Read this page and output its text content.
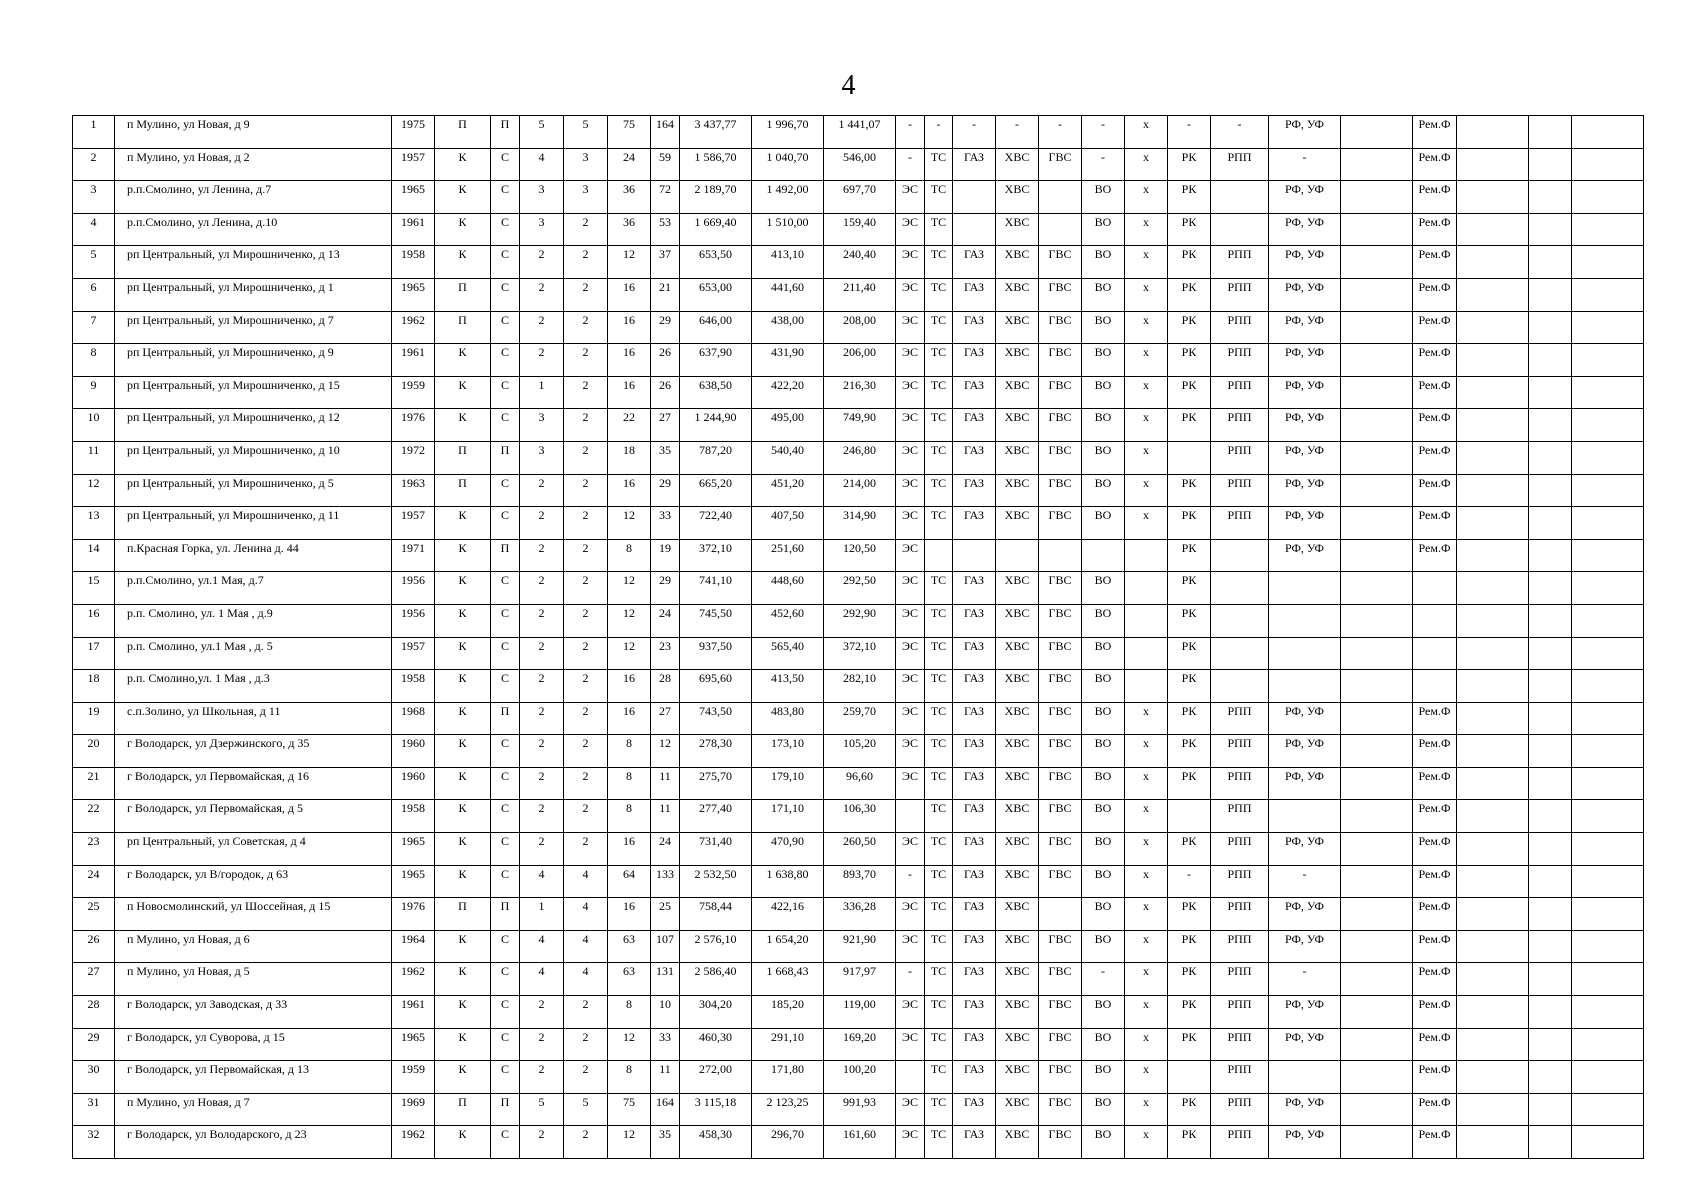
4
1	п Мулино, ул Новая, д 9	1975	П	П	5	5	75	164	3 437,77	1 996,70	1 441,07	-	-	-	-	-	-	х	-	-	РФ, УФ		Рем.Ф			
2	п Мулино, ул Новая, д 2	1957	К	С	4	3	24	59	1 586,70	1 040,70	546,00	-	ТС	ГАЗ	ХВС	ГВС	-	х	РК	РПП	-		Рем.Ф			
3	р.п.Смолино, ул Ленина, д.7	1965	К	С	3	3	36	72	2 189,70	1 492,00	697,70	ЭС	ТС		ХВС		ВО	х	РК		РФ, УФ		Рем.Ф			
4	р.п.Смолино, ул Ленина, д.10	1961	К	С	3	2	36	53	1 669,40	1 510,00	159,40	ЭС	ТС		ХВС		ВО	х	РК		РФ, УФ		Рем.Ф			
5	рп Центральный, ул Мирошниченко, д 13	1958	К	С	2	2	12	37	653,50	413,10	240,40	ЭС	ТС	ГАЗ	ХВС	ГВС	ВО	х	РК	РПП	РФ, УФ		Рем.Ф			
6	рп Центральный, ул Мирошниченко, д 1	1965	П	С	2	2	16	21	653,00	441,60	211,40	ЭС	ТС	ГАЗ	ХВС	ГВС	ВО	х	РК	РПП	РФ, УФ		Рем.Ф			
7	рп Центральный, ул Мирошниченко, д 7	1962	П	С	2	2	16	29	646,00	438,00	208,00	ЭС	ТС	ГАЗ	ХВС	ГВС	ВО	х	РК	РПП	РФ, УФ		Рем.Ф			
8	рп Центральный, ул Мирошниченко, д 9	1961	К	С	2	2	16	26	637,90	431,90	206,00	ЭС	ТС	ГАЗ	ХВС	ГВС	ВО	х	РК	РПП	РФ, УФ		Рем.Ф			
9	рп Центральный, ул Мирошниченко, д 15	1959	К	С	1	2	16	26	638,50	422,20	216,30	ЭС	ТС	ГАЗ	ХВС	ГВС	ВО	х	РК	РПП	РФ, УФ		Рем.Ф			
10	рп Центральный, ул Мирошниченко, д 12	1976	К	С	3	2	22	27	1 244,90	495,00	749,90	ЭС	ТС	ГАЗ	ХВС	ГВС	ВО	х	РК	РПП	РФ, УФ		Рем.Ф			
11	рп Центральный, ул Мирошниченко, д 10	1972	П	П	3	2	18	35	787,20	540,40	246,80	ЭС	ТС	ГАЗ	ХВС	ГВС	ВО	х		РПП	РФ, УФ		Рем.Ф			
12	рп Центральный, ул Мирошниченко, д 5	1963	П	С	2	2	16	29	665,20	451,20	214,00	ЭС	ТС	ГАЗ	ХВС	ГВС	ВО	х	РК	РПП	РФ, УФ		Рем.Ф			
13	рп Центральный, ул Мирошниченко, д 11	1957	К	С	2	2	12	33	722,40	407,50	314,90	ЭС	ТС	ГАЗ	ХВС	ГВС	ВО	х	РК	РПП	РФ, УФ		Рем.Ф			
14	п.Красная Горка, ул. Ленина д. 44	1971	К	П	2	2	8	19	372,10	251,60	120,50	ЭС							РК		РФ, УФ		Рем.Ф			
15	р.п.Смолино, ул.1 Мая, д.7	1956	К	С	2	2	12	29	741,10	448,60	292,50	ЭС	ТС	ГАЗ	ХВС	ГВС	ВО		РК							
16	р.п. Смолино, ул. 1 Мая , д.9	1956	К	С	2	2	12	24	745,50	452,60	292,90	ЭС	ТС	ГАЗ	ХВС	ГВС	ВО		РК							
17	р.п. Смолино, ул.1 Мая , д. 5	1957	К	С	2	2	12	23	937,50	565,40	372,10	ЭС	ТС	ГАЗ	ХВС	ГВС	ВО		РК							
18	р.п. Смолино,ул. 1 Мая , д.3	1958	К	С	2	2	16	28	695,60	413,50	282,10	ЭС	ТС	ГАЗ	ХВС	ГВС	ВО		РК							
19	с.п.Золино, ул Школьная, д 11	1968	К	П	2	2	16	27	743,50	483,80	259,70	ЭС	ТС	ГАЗ	ХВС	ГВС	ВО	х	РК	РПП	РФ, УФ		Рем.Ф			
20	г Володарск, ул Дзержинского, д 35	1960	К	С	2	2	8	12	278,30	173,10	105,20	ЭС	ТС	ГАЗ	ХВС	ГВС	ВО	х	РК	РПП	РФ, УФ		Рем.Ф			
21	г Володарск, ул Первомайская, д 16	1960	К	С	2	2	8	11	275,70	179,10	96,60	ЭС	ТС	ГАЗ	ХВС	ГВС	ВО	х	РК	РПП	РФ, УФ		Рем.Ф			
22	г Володарск, ул Первомайская, д 5	1958	К	С	2	2	8	11	277,40	171,10	106,30		ТС	ГАЗ	ХВС	ГВС	ВО	х		РПП			Рем.Ф			
23	рп Центральный, ул Советская, д 4	1965	К	С	2	2	16	24	731,40	470,90	260,50	ЭС	ТС	ГАЗ	ХВС	ГВС	ВО	х	РК	РПП	РФ, УФ		Рем.Ф			
24	г Володарск, ул В/городок, д 63	1965	К	С	4	4	64	133	2 532,50	1 638,80	893,70	-	ТС	ГАЗ	ХВС	ГВС	ВО	х	-	РПП	-		Рем.Ф			
25	п Новосмолинский, ул Шоссейная, д 15	1976	П	П	1	4	16	25	758,44	422,16	336,28	ЭС	ТС	ГАЗ	ХВС		ВО	х	РК	РПП	РФ, УФ		Рем.Ф			
26	п Мулино, ул Новая, д 6	1964	К	С	4	4	63	107	2 576,10	1 654,20	921,90	ЭС	ТС	ГАЗ	ХВС	ГВС	ВО	х	РК	РПП	РФ, УФ		Рем.Ф			
27	п Мулино, ул Новая, д 5	1962	К	С	4	4	63	131	2 586,40	1 668,43	917,97	-	ТС	ГАЗ	ХВС	ГВС	-	х	РК	РПП	-		Рем.Ф			
28	г Володарск, ул Заводская, д 33	1961	К	С	2	2	8	10	304,20	185,20	119,00	ЭС	ТС	ГАЗ	ХВС	ГВС	ВО	х	РК	РПП	РФ, УФ		Рем.Ф			
29	г Володарск, ул Суворова, д 15	1965	К	С	2	2	12	33	460,30	291,10	169,20	ЭС	ТС	ГАЗ	ХВС	ГВС	ВО	х	РК	РПП	РФ, УФ		Рем.Ф			
30	г Володарск, ул Первомайская, д 13	1959	К	С	2	2	8	11	272,00	171,80	100,20		ТС	ГАЗ	ХВС	ГВС	ВО	х		РПП			Рем.Ф			
31	п Мулино, ул Новая, д 7	1969	П	П	5	5	75	164	3 115,18	2 123,25	991,93	ЭС	ТС	ГАЗ	ХВС	ГВС	ВО	х	РК	РПП	РФ, УФ		Рем.Ф			
32	г Володарск, ул Володарского, д 23	1962	К	С	2	2	12	35	458,30	296,70	161,60	ЭС	ТС	ГАЗ	ХВС	ГВС	ВО	х	РК	РПП	РФ, УФ		Рем.Ф			
